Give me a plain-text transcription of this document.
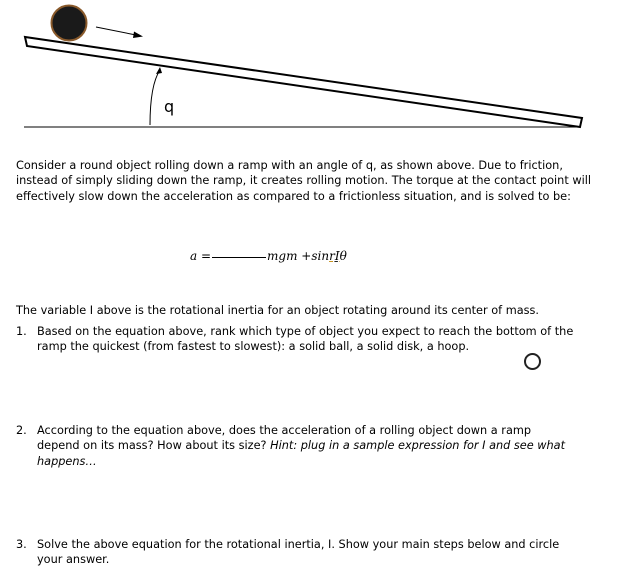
q
Consider a round object rolling down a ramp with an angle of q, as shown above. Due to friction, instead of simply sliding down the ramp, it creates rolling motion. The torque at the contact point will effectively slow down the acceleration as compared to a frictionless situation, and is solved to be:
a =	mgm +sinrI̱θ
The variable I above is the rotational inertia for an object rotating around its center of mass.
1. Based on the equation above, rank which type of object you expect to reach the bottom of the ramp the quickest (from fastest to slowest): a solid ball, a solid disk, a hoop.
2. According to the equation above, does the acceleration of a rolling object down a ramp depend on its mass? How about its size? Hint: plug in a sample expression for I and see what happens…
3. Solve the above equation for the rotational inertia, I. Show your main steps below and circle your answer.
